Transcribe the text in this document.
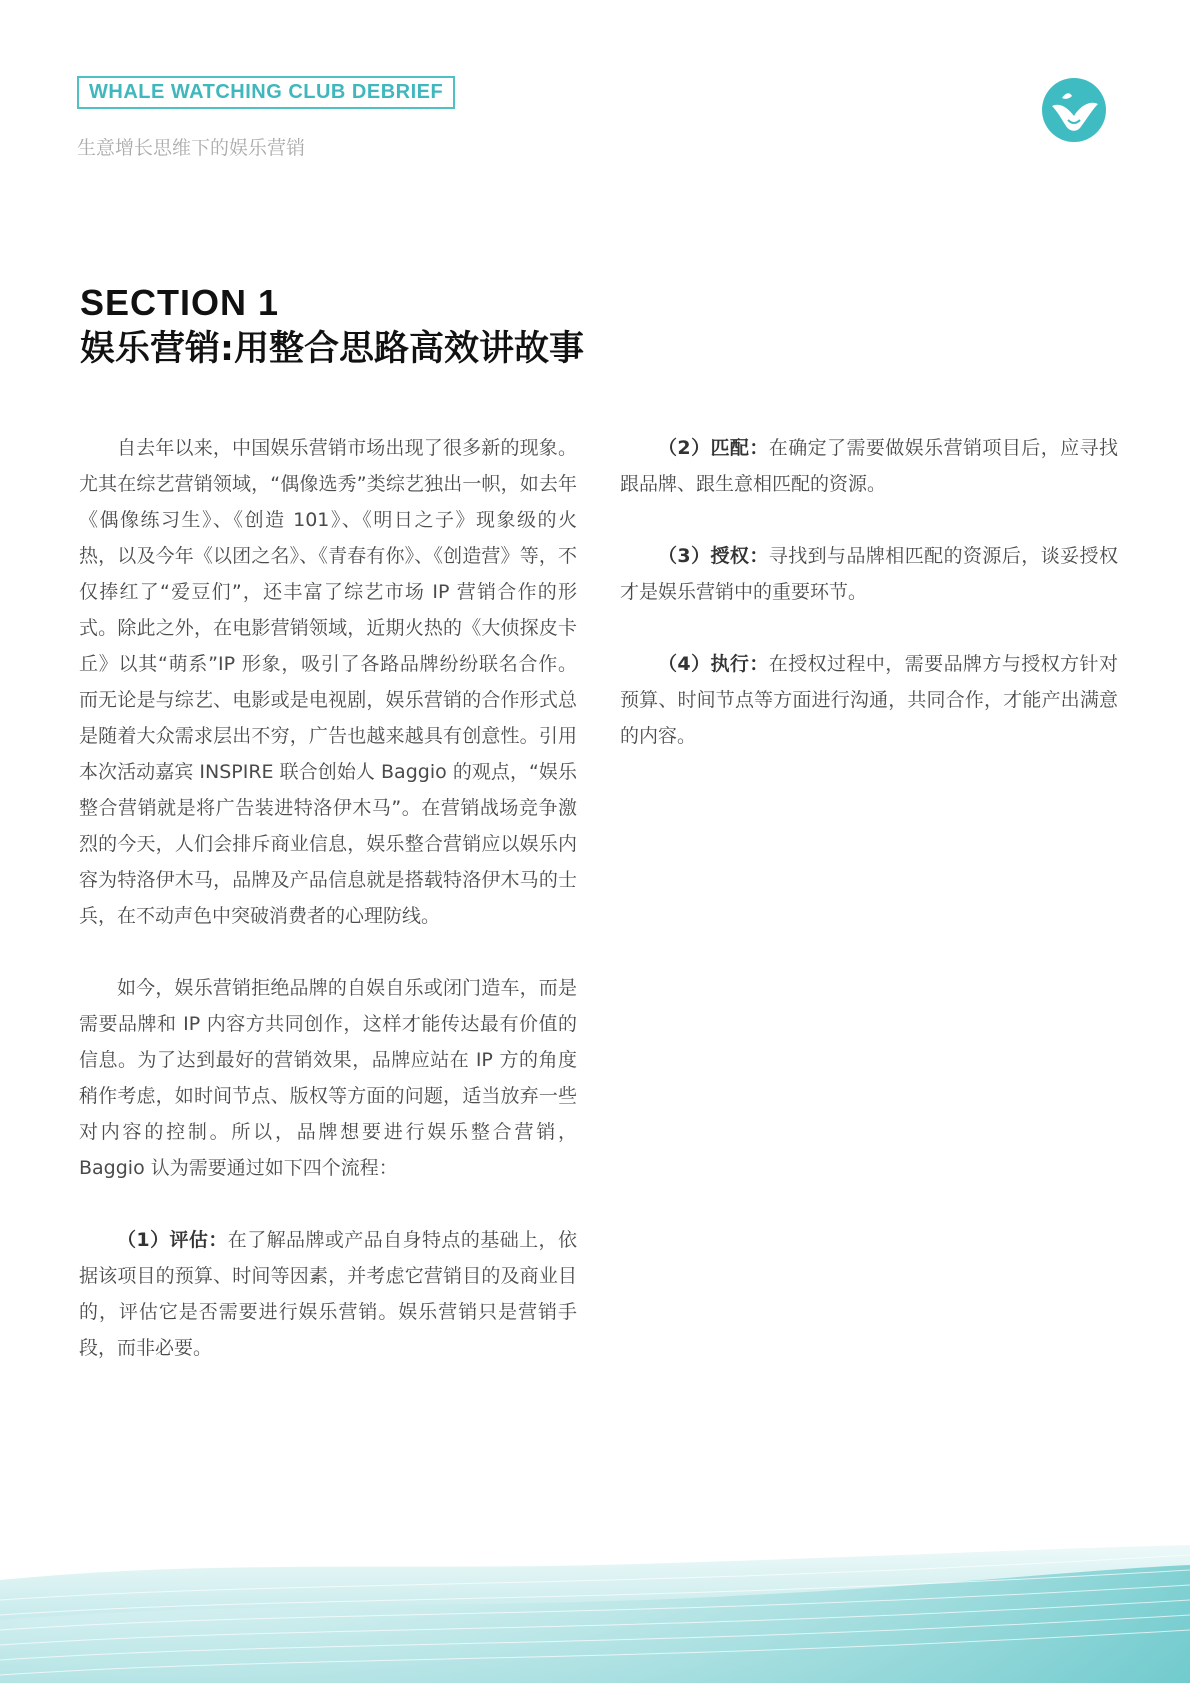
WHALE WATCHING CLUB DEBRIEF
生意增长思维下的娱乐营销
SECTION 1
娱乐营销:用整合思路高效讲故事

自去年以来，中国娱乐营销市场出现了很多新的现象。尤其在综艺营销领域，“偶像选秀”类综艺独出一帜，如去年《偶像练习生》、《创造 101》、《明日之子》现象级的火热，以及今年《以团之名》、《青春有你》、《创造营》等，不仅捧红了“爱豆们”，还丰富了综艺市场 IP 营销合作的形式。除此之外，在电影营销领域，近期火热的《大侦探皮卡丘》以其“萌系”IP 形象，吸引了各路品牌纷纷联名合作。而无论是与综艺、电影或是电视剧，娱乐营销的合作形式总是随着大众需求层出不穷，广告也越来越具有创意性。引用本次活动嘉宾 INSPIRE 联合创始人 Baggio 的观点，“娱乐整合营销就是将广告装进特洛伊木马”。在营销战场竞争激烈的今天，人们会排斥商业信息，娱乐整合营销应以娱乐内容为特洛伊木马，品牌及产品信息就是搭载特洛伊木马的士兵，在不动声色中突破消费者的心理防线。

如今，娱乐营销拒绝品牌的自娱自乐或闭门造车，而是需要品牌和 IP 内容方共同创作，这样才能传达最有价值的信息。为了达到最好的营销效果，品牌应站在 IP 方的角度稍作考虑，如时间节点、版权等方面的问题，适当放弃一些对内容的控制。所以，品牌想要进行娱乐整合营销，Baggio 认为需要通过如下四个流程：

（1）评估：在了解品牌或产品自身特点的基础上，依据该项目的预算、时间等因素，并考虑它营销目的及商业目的，评估它是否需要进行娱乐营销。娱乐营销只是营销手段，而非必要。

（2）匹配：在确定了需要做娱乐营销项目后，应寻找跟品牌、跟生意相匹配的资源。

（3）授权：寻找到与品牌相匹配的资源后，谈妥授权才是娱乐营销中的重要环节。

（4）执行：在授权过程中，需要品牌方与授权方针对预算、时间节点等方面进行沟通，共同合作，才能产出满意的内容。
